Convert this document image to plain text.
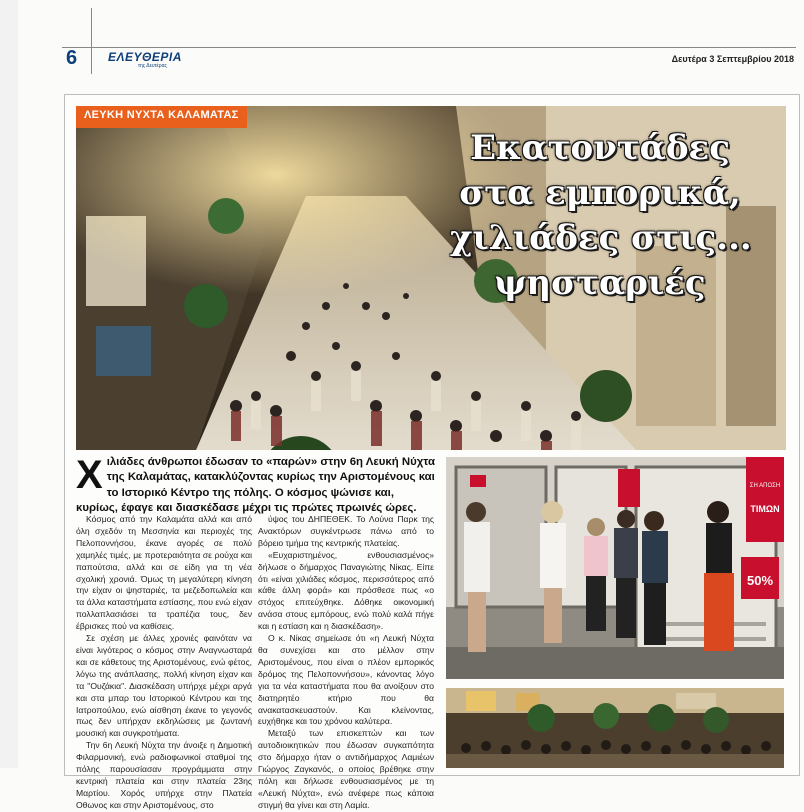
6	ΕΛΕΥΘΕΡΙΑ
της Δευτέρας
Δευτέρα 3 Σεπτεμβρίου 2018
ΛΕΥΚΗ ΝΥΧΤΑ ΚΑΛΑΜΑΤΑΣ
Εκατοντάδες
στα εμπορικά,
χιλιάδες στις...
ψησταριές
Χιλιάδες άνθρωποι έδωσαν το «παρών» στην 6η Λευκή Νύχτα της Καλαμάτας, κατακλύζοντας κυρίως την Αριστομένους και το Ιστορικό Κέντρο της πόλης. Ο κόσμος ψώνισε και, κυρίως, έφαγε και διασκέδασε μέχρι τις πρώτες πρωινές ώρες.

Κόσμος από την Καλαμάτα αλλά και από όλη σχεδόν τη Μεσσηνία και περιοχές της Πελοποννήσου, έκανε αγορές σε πολύ χαμηλές τιμές, με προτεραιότητα σε ρούχα και παπούτσια, αλλά και σε είδη για τη νέα σχολική χρονιά. Όμως τη μεγαλύτερη κίνηση την είχαν οι ψησταριές, τα μεζεδοπωλεία και τα άλλα καταστήματα εστίασης, που ενώ είχαν πολλαπλασιάσει τα τραπέζια τους, δεν έβρισκες πού να καθίσεις.

Σε σχέση με άλλες χρονιές φαινόταν να είναι λιγότερος ο κόσμος στην Αναγνωσταρά και σε κάθετους της Αριστομένους, ενώ φέτος, λόγω της ανάπλασης, πολλή κίνηση είχαν και τα "Ουζάκια". Διασκέδαση υπήρχε μέχρι αργά και στα μπαρ του Ιστορικού Κέντρου και της Ιατροπούλου, ενώ αίσθηση έκανε το γεγονός πως δεν υπήρχαν εκδηλώσεις με ζωντανή μουσική και συγκροτήματα.

Την 6η Λευκή Νύχτα την άνοιξε η Δημοτική Φιλαρμονική, ενώ ραδιοφωνικοί σταθμοί της πόλης παρουσίασαν προγράμματα στην κεντρική πλατεία και στην πλατεία 23ης Μαρτίου. Χορός υπήρχε στην Πλατεία Οθωνος και στην Αριστομένους, στο

ύψος του ΔΗΠΕΘΕΚ. Το Λούνα Παρκ της Ανακτόρων συγκέντρωσε πάνω από το βόρειο τμήμα της κεντρικής πλατείας.

«Ευχαριστημένος, ενθουσιασμένος» δήλωσε ο δήμαρχος Παναγιώτης Νίκας. Είπε ότι «είναι χιλιάδες κόσμος, περισσότερος από κάθε άλλη φορά» και πρόσθεσε πως «ο στόχος επιτεύχθηκε. Δόθηκε οικονομική ανάσα στους εμπόρους, ενώ πολύ καλά πήγε και η εστίαση και η διασκέδαση».

Ο κ. Νίκας σημείωσε ότι «η Λευκή Νύχτα θα συνεχίσει και στο μέλλον στην Αριστομένους, που είναι ο πλέον εμπορικός δρόμος της Πελοποννήσου», κάνοντας λόγο για τα νέα καταστήματα που θα ανοίξουν στο διατηρητέο κτήριο που θα ανακατασκευαστούν. Και κλείνοντας, ευχήθηκε και του χρόνου καλύτερα.

Μεταξύ των επισκεπτών και των αυτοδιοικητικών που έδωσαν συγκαπότητα στο δήμαρχο ήταν ο αντιδήμαρχος Λαμιέων Γιώργος Ζαγκανός, ο οποίος βρέθηκε στην πόλη και δήλωσε ενθουσιασμένος με τη «Λευκή Νύχτα», ενώ ανέφερε πως κάποια στιγμή θα γίνει και στη Λαμία.

ΣΗ ΑΠΟΣΗ
ΤΙΜΩΝ
50%
